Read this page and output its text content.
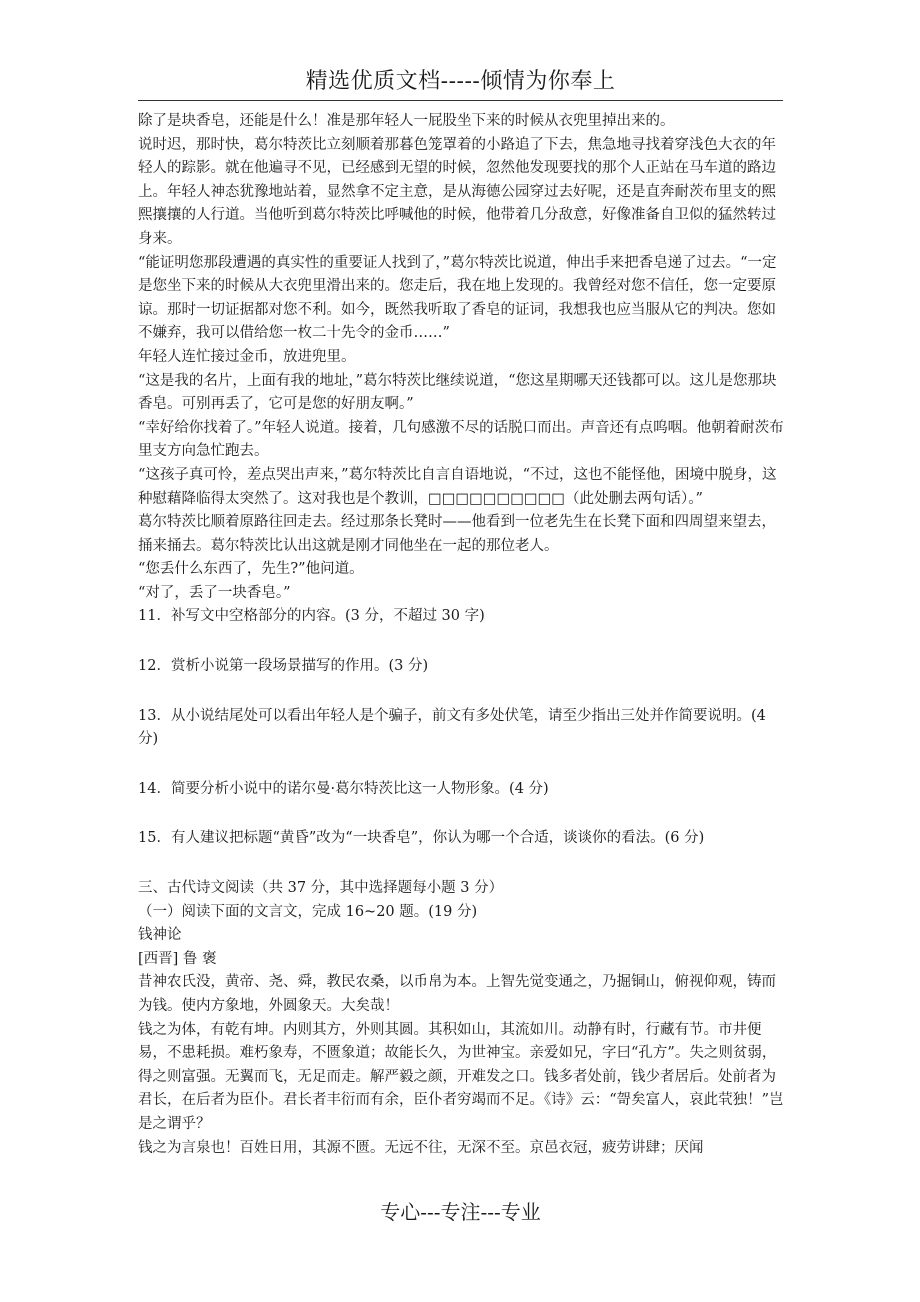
精选优质文档-----倾情为你奉上

除了是块香皂，还能是什么！准是那年轻人一屁股坐下来的时候从衣兜里掉出来的。

说时迟，那时快，葛尔特茨比立刻顺着那暮色笼罩着的小路追了下去，焦急地寻找着穿浅色大衣的年轻人的踪影。就在他遍寻不见，已经感到无望的时候，忽然他发现要找的那个人正站在马车道的路边上。年轻人神态犹豫地站着，显然拿不定主意，是从海德公园穿过去好呢，还是直奔耐茨布里支的熙熙攘攘的人行道。当他听到葛尔特茨比呼喊他的时候，他带着几分敌意，好像准备自卫似的猛然转过身来。

“能证明您那段遭遇的真实性的重要证人找到了，”葛尔特茨比说道，伸出手来把香皂递了过去。“一定是您坐下来的时候从大衣兜里滑出来的。您走后，我在地上发现的。我曾经对您不信任，您一定要原谅。那时一切证据都对您不利。如今，既然我听取了香皂的证词，我想我也应当服从它的判决。您如不嫌弃，我可以借给您一枚二十先令的金币……”

年轻人连忙接过金币，放进兜里。

“这是我的名片，上面有我的地址，”葛尔特茨比继续说道，“您这星期哪天还钱都可以。这儿是您那块香皂。可别再丢了，它可是您的好朋友啊。”

“幸好给你找着了。”年轻人说道。接着，几句感激不尽的话脱口而出。声音还有点呜咽。他朝着耐茨布里支方向急忙跑去。

“这孩子真可怜，差点哭出声来，”葛尔特茨比自言自语地说，“不过，这也不能怪他，困境中脱身，这种慰藉降临得太突然了。这对我也是个教训，□□□□□□□□□□（此处删去两句话）。”

葛尔特茨比顺着原路往回走去。经过那条长凳时——他看到一位老先生在长凳下面和四周望来望去，捅来捅去。葛尔特茨比认出这就是刚才同他坐在一起的那位老人。

“您丢什么东西了，先生?”他问道。

“对了，丢了一块香皂。”

11．补写文中空格部分的内容。(3 分，不超过 30 字)

12．赏析小说第一段场景描写的作用。(3 分)

13．从小说结尾处可以看出年轻人是个骗子，前文有多处伏笔，请至少指出三处并作简要说明。(4 分)

14．简要分析小说中的诺尔曼·葛尔特茨比这一人物形象。(4 分)

15．有人建议把标题“黄昏”改为“一块香皂”，你认为哪一个合适，谈谈你的看法。(6 分)

三、古代诗文阅读（共 37 分，其中选择题每小题 3 分）

（一）阅读下面的文言文，完成 16~20 题。(19 分)

钱神论

[西晋] 鲁 褒

昔神农氏没，黄帝、尧、舜，教民农桑，以币帛为本。上智先觉变通之，乃掘铜山，俯视仰观，铸而为钱。使内方象地，外圆象天。大矣哉！

钱之为体，有乾有坤。内则其方，外则其圆。其积如山，其流如川。动静有时，行藏有节。市井便易，不患耗损。难朽象寿，不匮象道；故能长久，为世神宝。亲爱如兄，字曰“孔方”。失之则贫弱，得之则富强。无翼而飞，无足而走。解严毅之颜，开难发之口。钱多者处前，钱少者居后。处前者为君长，在后者为臣仆。君长者丰衍而有余，臣仆者穷竭而不足。《诗》云：“哿矣富人，哀此茕独！”岂是之谓乎？

钱之为言泉也！百姓日用，其源不匮。无远不往，无深不至。京邑衣冠，疲劳讲肆；厌闻

专心---专注---专业
